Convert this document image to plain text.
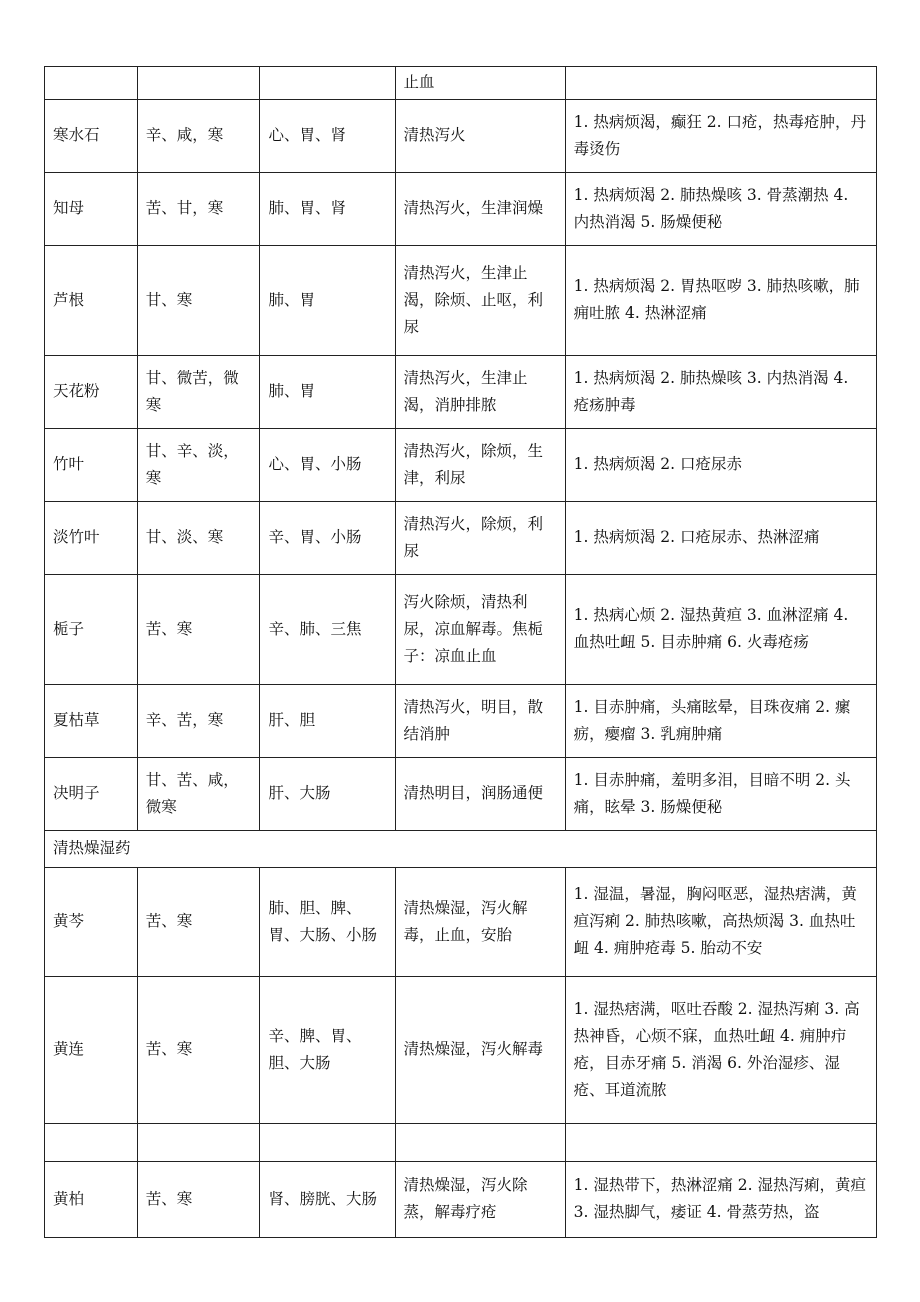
			止血	
寒水石	辛、咸，寒	心、胃、肾	清热泻火	1. 热病烦渴，癫狂 2. 口疮，热毒疮肿，丹毒烫伤
知母	苦、甘，寒	肺、胃、肾	清热泻火，生津润燥	1. 热病烦渴 2. 肺热燥咳 3. 骨蒸潮热 4. 内热消渴 5. 肠燥便秘
芦根	甘、寒	肺、胃	清热泻火，生津止渴，除烦、止呕，利尿	1. 热病烦渴 2. 胃热呕哕 3. 肺热咳嗽，肺痈吐脓 4. 热淋涩痛
天花粉	甘、微苦，微寒	肺、胃	清热泻火，生津止渴，消肿排脓	1. 热病烦渴 2. 肺热燥咳 3. 内热消渴 4. 疮疡肿毒
竹叶	甘、辛、淡，寒	心、胃、小肠	清热泻火，除烦，生津，利尿	1. 热病烦渴 2. 口疮尿赤
淡竹叶	甘、淡、寒	辛、胃、小肠	清热泻火，除烦，利尿	1. 热病烦渴 2. 口疮尿赤、热淋涩痛
栀子	苦、寒	辛、肺、三焦	泻火除烦，清热利尿，凉血解毒。焦栀子：凉血止血	1. 热病心烦 2. 湿热黄疸 3. 血淋涩痛 4. 血热吐衄 5. 目赤肿痛 6. 火毒疮疡
夏枯草	辛、苦，寒	肝、胆	清热泻火，明目，散结消肿	1. 目赤肿痛，头痛眩晕，目珠夜痛 2. 瘰疬，瘿瘤 3. 乳痈肿痛
决明子	甘、苦、咸，微寒	肝、大肠	清热明目，润肠通便	1. 目赤肿痛，羞明多泪，目暗不明 2. 头痛，眩晕 3. 肠燥便秘
清热燥湿药				
黄芩	苦、寒	肺、胆、脾、胃、大肠、小肠	清热燥湿，泻火解毒，止血，安胎	1. 湿温，暑湿，胸闷呕恶，湿热痞满，黄疸泻痢 2. 肺热咳嗽，高热烦渴 3. 血热吐衄 4. 痈肿疮毒 5. 胎动不安
黄连	苦、寒	辛、脾、胃、胆、大肠	清热燥湿，泻火解毒	1. 湿热痞满，呕吐吞酸 2. 湿热泻痢 3. 高热神昏，心烦不寐，血热吐衄 4. 痈肿疖疮，目赤牙痛 5. 消渴 6. 外治湿疹、湿疮、耳道流脓

黄柏	苦、寒	肾、膀胱、大肠	清热燥湿，泻火除蒸，解毒疗疮	1. 湿热带下，热淋涩痛 2. 湿热泻痢，黄疸 3. 湿热脚气，痿证 4. 骨蒸劳热，盗
